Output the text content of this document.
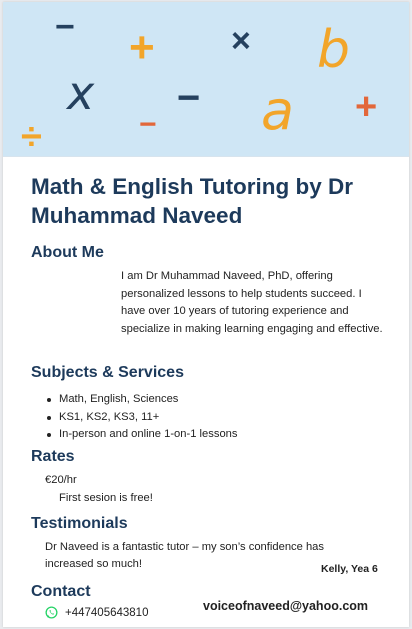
− + × b
x −
− a +
÷
Math & English Tutoring by Dr Muhammad Naveed
About Me
I am Dr Muhammad Naveed, PhD, offering personalized lessons to help students succeed. I have over 10 years of tutoring experience and specialize in making learning engaging and effective.
Subjects & Services
Math, English, Sciences
KS1, KS2, KS3, 11+
In-person and online 1-on-1 lessons
Rates
€20/hr
First sesion is free!
Testimonials
Dr Naveed is a fantastic tutor – my son’s confidence has increased so much!	Kelly, Yea 6
Contact
+447405643810	voiceofnaveed@yahoo.com
